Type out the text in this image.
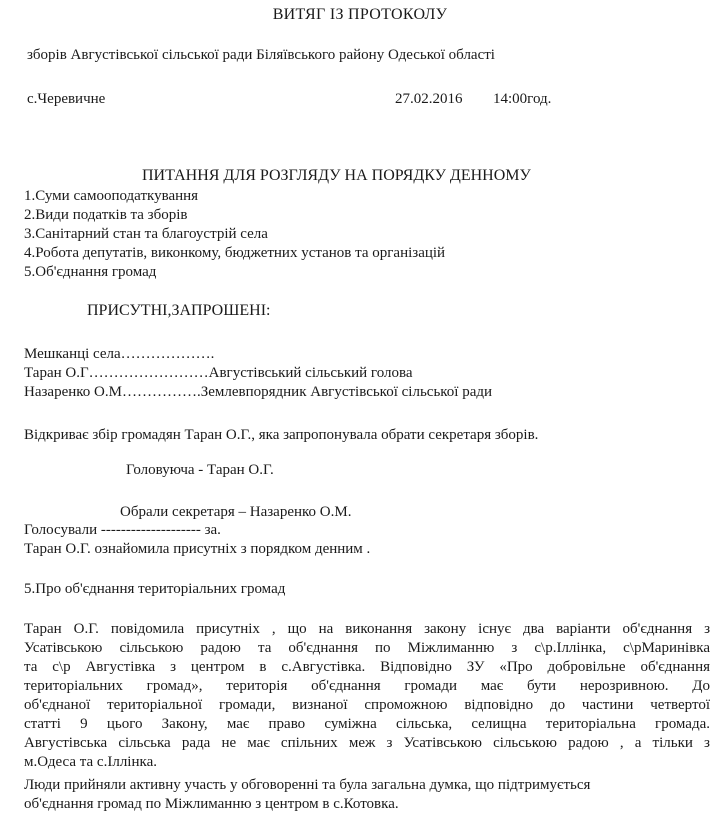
ВИТЯГ ІЗ ПРОТОКОЛУ
зборів Августівської сільської ради Біляївського району Одеської області
с.Черевичне	27.02.2016 14:00год.
ПИТАННЯ ДЛЯ РОЗГЛЯДУ НА ПОРЯДКУ ДЕННОМУ
1.Суми самооподаткування
2.Види податків та зборів
3.Санітарний стан та благоустрій села
4.Робота депутатів, виконкому, бюджетних установ та організацій
5.Об'єднання громад
ПРИСУТНІ,ЗАПРОШЕНІ:
Мешканці села……………….
Таран О.Г……………………Августівський сільський голова
Назаренко О.М…………….Землевпорядник Августівської сільської ради
Відкриває збір громадян Таран О.Г., яка запропонувала обрати секретаря зборів.
Головуюча - Таран О.Г.
Обрали секретаря – Назаренко О.М.
Голосували -------------------- за.
Таран О.Г. ознайомила присутніх з порядком денним .
5.Про об'єднання територіальних громад
Таран О.Г. повідомила присутніх , що на виконання закону існує два варіанти об'єднання з
Усатівською сільською радою та об'єднання по Міжлиманню з с\р.Іллінка, с\рМаринівка
та с\р Августівка з центром в с.Августівка. Відповідно ЗУ «Про добровільне об'єднання
територіальних громад», територія об'єднання громади має бути нерозривною. До
об'єднаної територіальної громади, визнаної спроможною відповідно до частини четвертої
статті 9 цього Закону, має право суміжна сільська, селищна територіальна громада.
Августівська сільська рада не має спільних меж з Усатівською сільською радою , а тільки з
м.Одеса та с.Іллінка.
Люди прийняли активну участь у обговоренні та була загальна думка, що підтримується
об'єднання громад по Міжлиманню з центром в с.Котовка.
